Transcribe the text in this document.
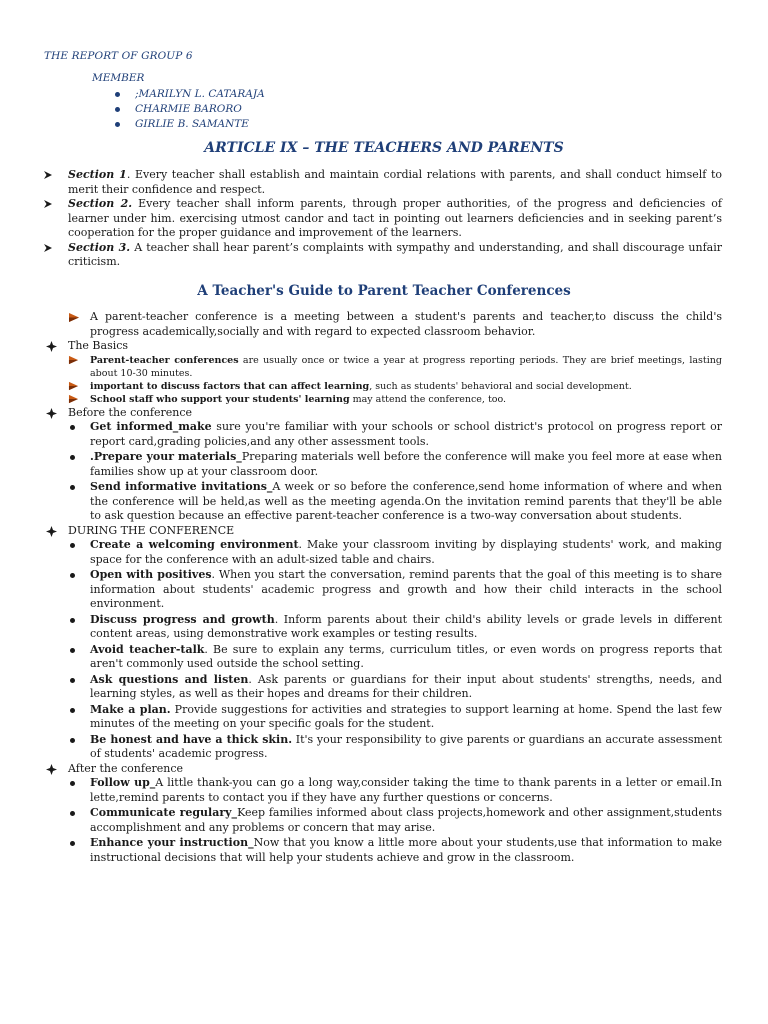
THE REPORT OF GROUP 6
MEMBER
;MARILYN L. CATARAJA
CHARMIE BARORO
GIRLIE B. SAMANTE
ARTICLE IX – THE TEACHERS AND PARENTS
Section 1. Every teacher shall establish and maintain cordial relations with parents, and shall conduct himself to merit their confidence and respect.
Section 2. Every teacher shall inform parents, through proper authorities, of the progress and deficiencies of learner under him. exercising utmost candor and tact in pointing out learners deficiencies and in seeking parent’s cooperation for the proper guidance and improvement of the learners.
Section 3. A teacher shall hear parent’s complaints with sympathy and understanding, and shall discourage unfair criticism.
A Teacher's Guide to Parent Teacher Conferences
A parent-teacher conference is a meeting between a student's parents and teacher,to discuss the child's progress academically,socially and with regard to expected classroom behavior.
The Basics
Parent-teacher conferences are usually once or twice a year at progress reporting periods. They are brief meetings, lasting about 10-30 minutes.
important to discuss factors that can affect learning, such as students' behavioral and social development.
School staff who support your students' learning may attend the conference, too.
Before the conference
Get informed_make sure you're familiar with your schools or school district's protocol on progress report or report card,grading policies,and any other assessment tools.
.Prepare your materials_Preparing materials well before the conference will make you feel more at ease when families show up at your classroom door.
Send informative invitations_A week or so before the conference,send home information of where and when the conference will be held,as well as the meeting agenda.On the invitation remind parents that they'll be able to ask question because an effective parent-teacher conference is a two-way conversation about students.
DURING THE CONFERENCE
Create a welcoming environment. Make your classroom inviting by displaying students' work, and making space for the conference with an adult-sized table and chairs.
Open with positives. When you start the conversation, remind parents that the goal of this meeting is to share information about students' academic progress and growth and how their child interacts in the school environment.
Discuss progress and growth. Inform parents about their child's ability levels or grade levels in different content areas, using demonstrative work examples or testing results.
Avoid teacher-talk. Be sure to explain any terms, curriculum titles, or even words on progress reports that aren't commonly used outside the school setting.
Ask questions and listen. Ask parents or guardians for their input about students' strengths, needs, and learning styles, as well as their hopes and dreams for their children.
Make a plan. Provide suggestions for activities and strategies to support learning at home. Spend the last few minutes of the meeting on your specific goals for the student.
Be honest and have a thick skin. It's your responsibility to give parents or guardians an accurate assessment of students' academic progress.
After the conference
Follow up_A little thank-you can go a long way,consider taking the time to thank parents in a letter or email.In lette,remind parents to contact you if they have any further questions or concerns.
Communicate regulary_Keep families informed about class projects,homework and other assignment,students accomplishment and any problems or concern that may arise.
Enhance your instruction_Now that you know a little more about your students,use that information to make instructional decisions that will help your students achieve and grow in the classroom.
